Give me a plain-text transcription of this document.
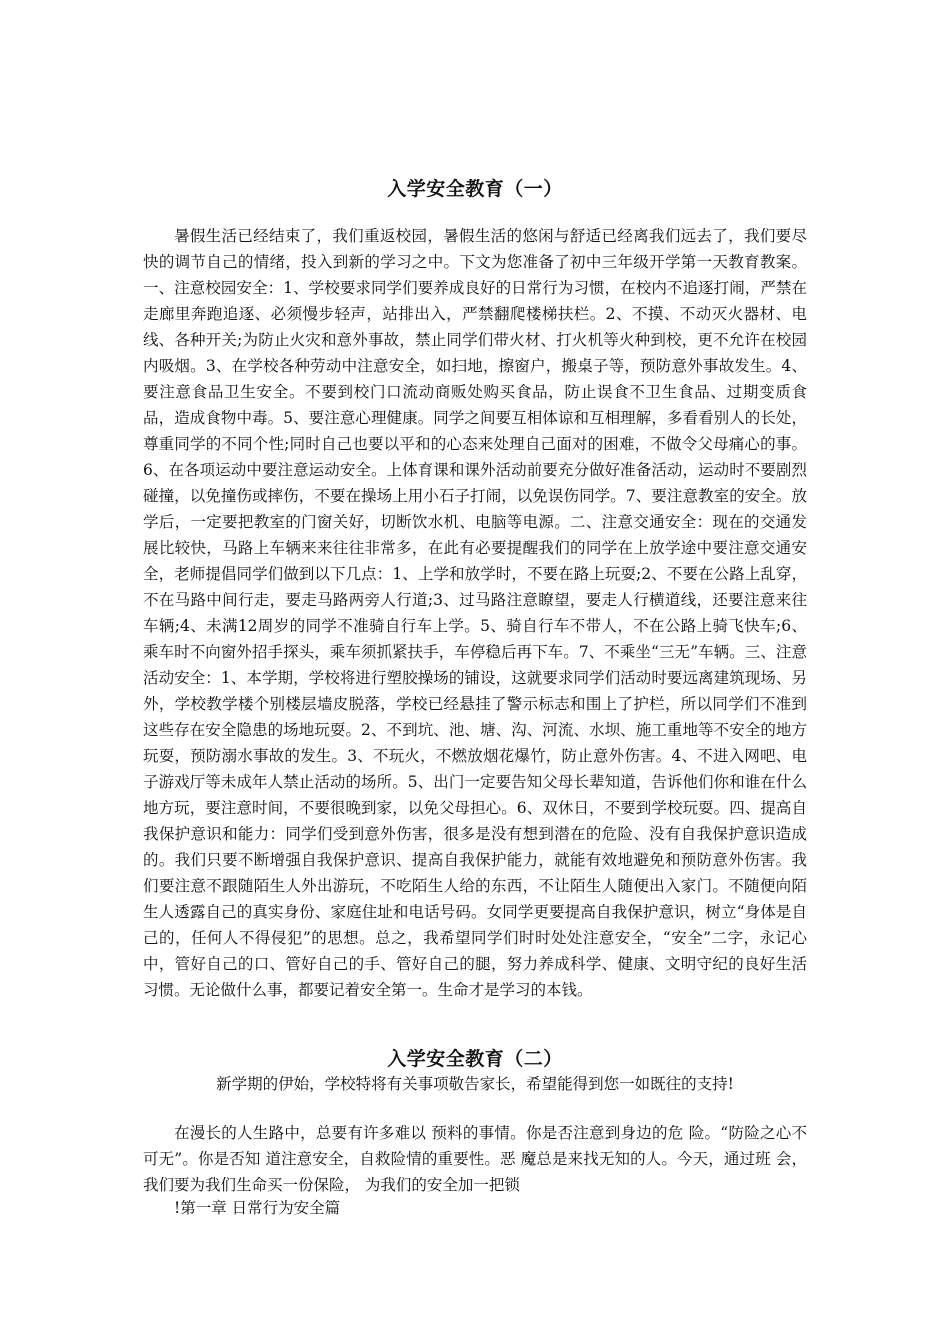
入学安全教育（一）

暑假生活已经结束了，我们重返校园，暑假生活的悠闲与舒适已经离我们远去了，我们要尽快的调节自己的情绪，投入到新的学习之中。下文为您准备了初中三年级开学第一天教育教案。一、注意校园安全：1、学校要求同学们要养成良好的日常行为习惯，在校内不追逐打闹，严禁在走廊里奔跑追逐、必须慢步轻声，站排出入，严禁翻爬楼梯扶栏。2、不摸、不动灭火器材、电线、各种开关;为防止火灾和意外事故，禁止同学们带火材、打火机等火种到校，更不允许在校园内吸烟。3、在学校各种劳动中注意安全，如扫地，擦窗户，搬桌子等，预防意外事故发生。4、要注意食品卫生安全。不要到校门口流动商贩处购买食品，防止误食不卫生食品、过期变质食品，造成食物中毒。5、要注意心理健康。同学之间要互相体谅和互相理解，多看看别人的长处，尊重同学的不同个性;同时自己也要以平和的心态来处理自己面对的困难，不做令父母痛心的事。6、在各项运动中要注意运动安全。上体育课和课外活动前要充分做好准备活动，运动时不要剧烈碰撞，以免撞伤或摔伤，不要在操场上用小石子打闹，以免误伤同学。7、要注意教室的安全。放学后，一定要把教室的门窗关好，切断饮水机、电脑等电源。二、注意交通安全：现在的交通发展比较快，马路上车辆来来往往非常多，在此有必要提醒我们的同学在上放学途中要注意交通安全，老师提倡同学们做到以下几点：1、上学和放学时，不要在路上玩耍;2、不要在公路上乱穿，不在马路中间行走，要走马路两旁人行道;3、过马路注意瞭望，要走人行横道线，还要注意来往车辆;4、未满12周岁的同学不准骑自行车上学。5、骑自行车不带人，不在公路上骑飞快车;6、乘车时不向窗外招手探头，乘车须抓紧扶手，车停稳后再下车。7、不乘坐“三无”车辆。三、注意活动安全：1、本学期，学校将进行塑胶操场的铺设，这就要求同学们活动时要远离建筑现场、另外，学校教学楼个别楼层墙皮脱落，学校已经悬挂了警示标志和围上了护栏，所以同学们不准到这些存在安全隐患的场地玩耍。2、不到坑、池、塘、沟、河流、水坝、施工重地等不安全的地方玩耍，预防溺水事故的发生。3、不玩火，不燃放烟花爆竹，防止意外伤害。4、不进入网吧、电子游戏厅等未成年人禁止活动的场所。5、出门一定要告知父母长辈知道，告诉他们你和谁在什么地方玩，要注意时间，不要很晚到家，以免父母担心。6、双休日，不要到学校玩耍。四、提高自我保护意识和能力：同学们受到意外伤害，很多是没有想到潜在的危险、没有自我保护意识造成的。我们只要不断增强自我保护意识、提高自我保护能力，就能有效地避免和预防意外伤害。我们要注意不跟随陌生人外出游玩，不吃陌生人给的东西，不让陌生人随便出入家门。不随便向陌生人透露自己的真实身份、家庭住址和电话号码。女同学更要提高自我保护意识，树立“身体是自己的，任何人不得侵犯”的思想。总之，我希望同学们时时处处注意安全，“安全”二字，永记心中，管好自己的口、管好自己的手、管好自己的腿，努力养成科学、健康、文明守纪的良好生活习惯。无论做什么事，都要记着安全第一。生命才是学习的本钱。

入学安全教育（二）
新学期的伊始，学校特将有关事项敬告家长，希望能得到您一如既往的支持!

在漫长的人生路中，总要有许多难以 预料的事情。你是否注意到身边的危 险。“防险之心不可无”。你是否知 道注意安全，自救险情的重要性。恶 魔总是来找无知的人。今天，通过班 会，我们要为我们生命买一份保险， 为我们的安全加一把锁

!第一章 日常行为安全篇
